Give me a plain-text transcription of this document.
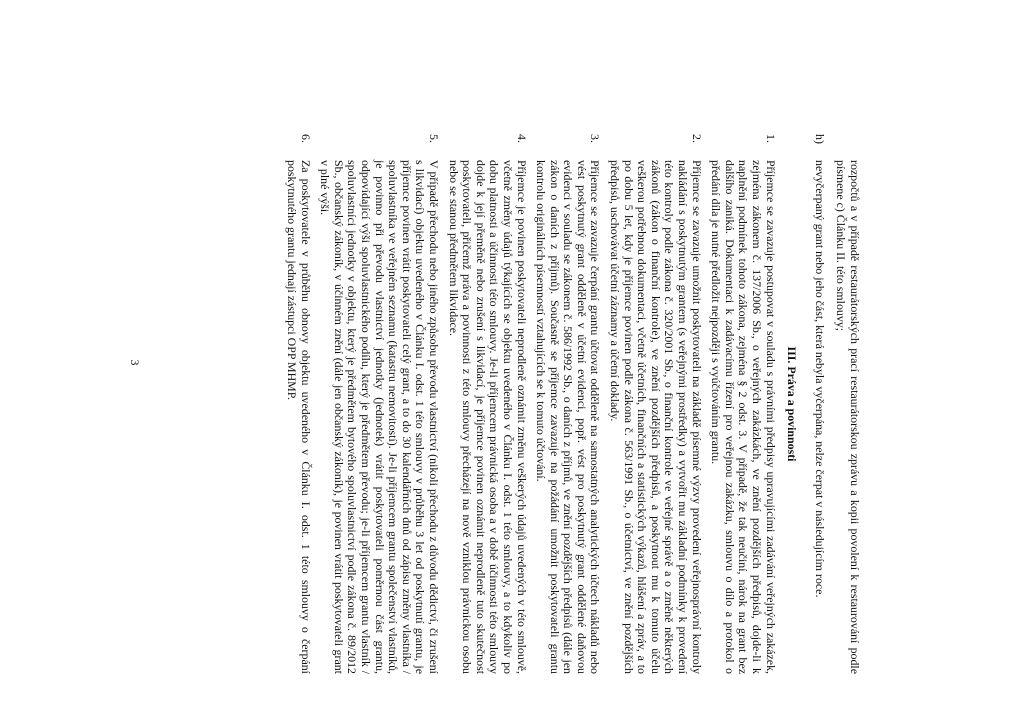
rozpočtů a v případě restaurátorských prací restaurátorskou zprávu a kopii povolení k restaurování podle písmene c) Článku II. této smlouvy;

h)

nevyčerpaný grant nebo jeho část, která nebyla vyčerpána, nelze čerpat v následujícím roce.

III. Práva a povinnosti
1.

Příjemce se zavazuje postupovat v souladu s právními předpisy upravujícími zadávání veřejných zakázek, zejména zákonem č. 137/2006 Sb., o veřejných zakázkách, ve znění pozdějších předpisů, dojde-li k naplnění podmínek tohoto zákona, zejména § 2 odst. 3. V případě, že tak neučiní, nárok na grant bez dalšího zaniká. Dokumentaci k zadávacímu řízení pro veřejnou zakázku, smlouvu o dílo a protokol o předání díla je nutné předložit nejpozději s vyúčtováním grantu.

2.

Příjemce se zavazuje umožnit poskytovateli na základě písemné výzvy provedení veřejnosprávní kontroly nakládání s poskytnutým grantem (s veřejnými prostředky) a vytvořit mu základní podmínky k provedení této kontroly podle zákona č. 320/2001 Sb., o finanční kontrole ve veřejné správě a o změně některých zákonů (zákon o finanční kontrole), ve znění pozdějších předpisů, a poskytnout mu k tomuto účelu veškerou potřebnou dokumentaci, včetně účetních, finančních a statistických výkazů, hlášení a zpráv, a to po dobu 5 let, kdy je příjemce povinen podle zákona č. 563/1991 Sb., o účetnictví, ve znění pozdějších předpisů, uschovávat účetní záznamy a účetní doklady.

3.

Příjemce se zavazuje čerpání grantu účtovat odděleně na samostatných analytických účtech nákladů nebo vést poskytnutý grant odděleně v účetní evidenci, popř. vést pro poskytnutý grant oddělené daňovou evidenci v souladu se zákonem č. 586/1992 Sb., o daních z příjmů, ve znění pozdějších předpisů (dále jen zákon o daních z příjmů). Současně se příjemce zavazuje na požádání umožnit poskytovateli grantu kontrolu originálních písemností vztahujících se k tomuto účtování.

4.

Příjemce je povinen poskytovateli neprodleně oznámit změnu veškerých údajů uvedených v této smlouvě, včetně změny údajů týkajících se objektu uvedeného v Článku I. odst. 1 této smlouvy, a to kdykoliv po dobu platnosti a účinnosti této smlouvy. Je-li příjemcem právnická osoba a v době účinnosti této smlouvy dojde k její přeměně nebo zrušení s likvidací, je příjemce povinen oznámit neprodleně tuto skutečnost poskytovateli, přičemž práva a povinnosti z této smlouvy přecházejí na nově vzniklou právnickou osobu nebo se stanou předmětem likvidace.

5.

V případě přechodu nebo jiného způsobu převodu vlastnictví (nikoli přechodu z důvodu dědictví, či zrušení s likvidací) objektu uvedeného v Článku I. odst. 1 této smlouvy v průběhu 3 let od poskytnutí grantu, je příjemce povinen vrátit poskytovateli celý grant, a to do 30 kalendářních dnů od zápisu změny vlastníka / spoluvlastníka ve veřejném seznamu (katastru nemovitostí). Je-li příjemcem grantu společenství vlastníků, je povinno při převodu vlastnictví jednotky (jednotek) vrátit poskytovateli poměrnou část grantu, odpovídající výši spoluvlastnického podílu, který je předmětem převodu; je-li příjemcem grantu vlastník / spoluvlastníci jednotky v objektu, který je předmětem bytového spoluvlastnictví podle zákona č. 89/2012 Sb., občanský zákoník, v účinném znění (dále jen občanský zákoník), je povinen vrátit poskytovateli grant v plné výši.

6.

Za poskytovatele v průběhu obnovy objektu uvedeného v Článku I. odst. 1 této smlouvy o čerpání poskytnutého grantu jednají zástupci OPP MHMP.

3
